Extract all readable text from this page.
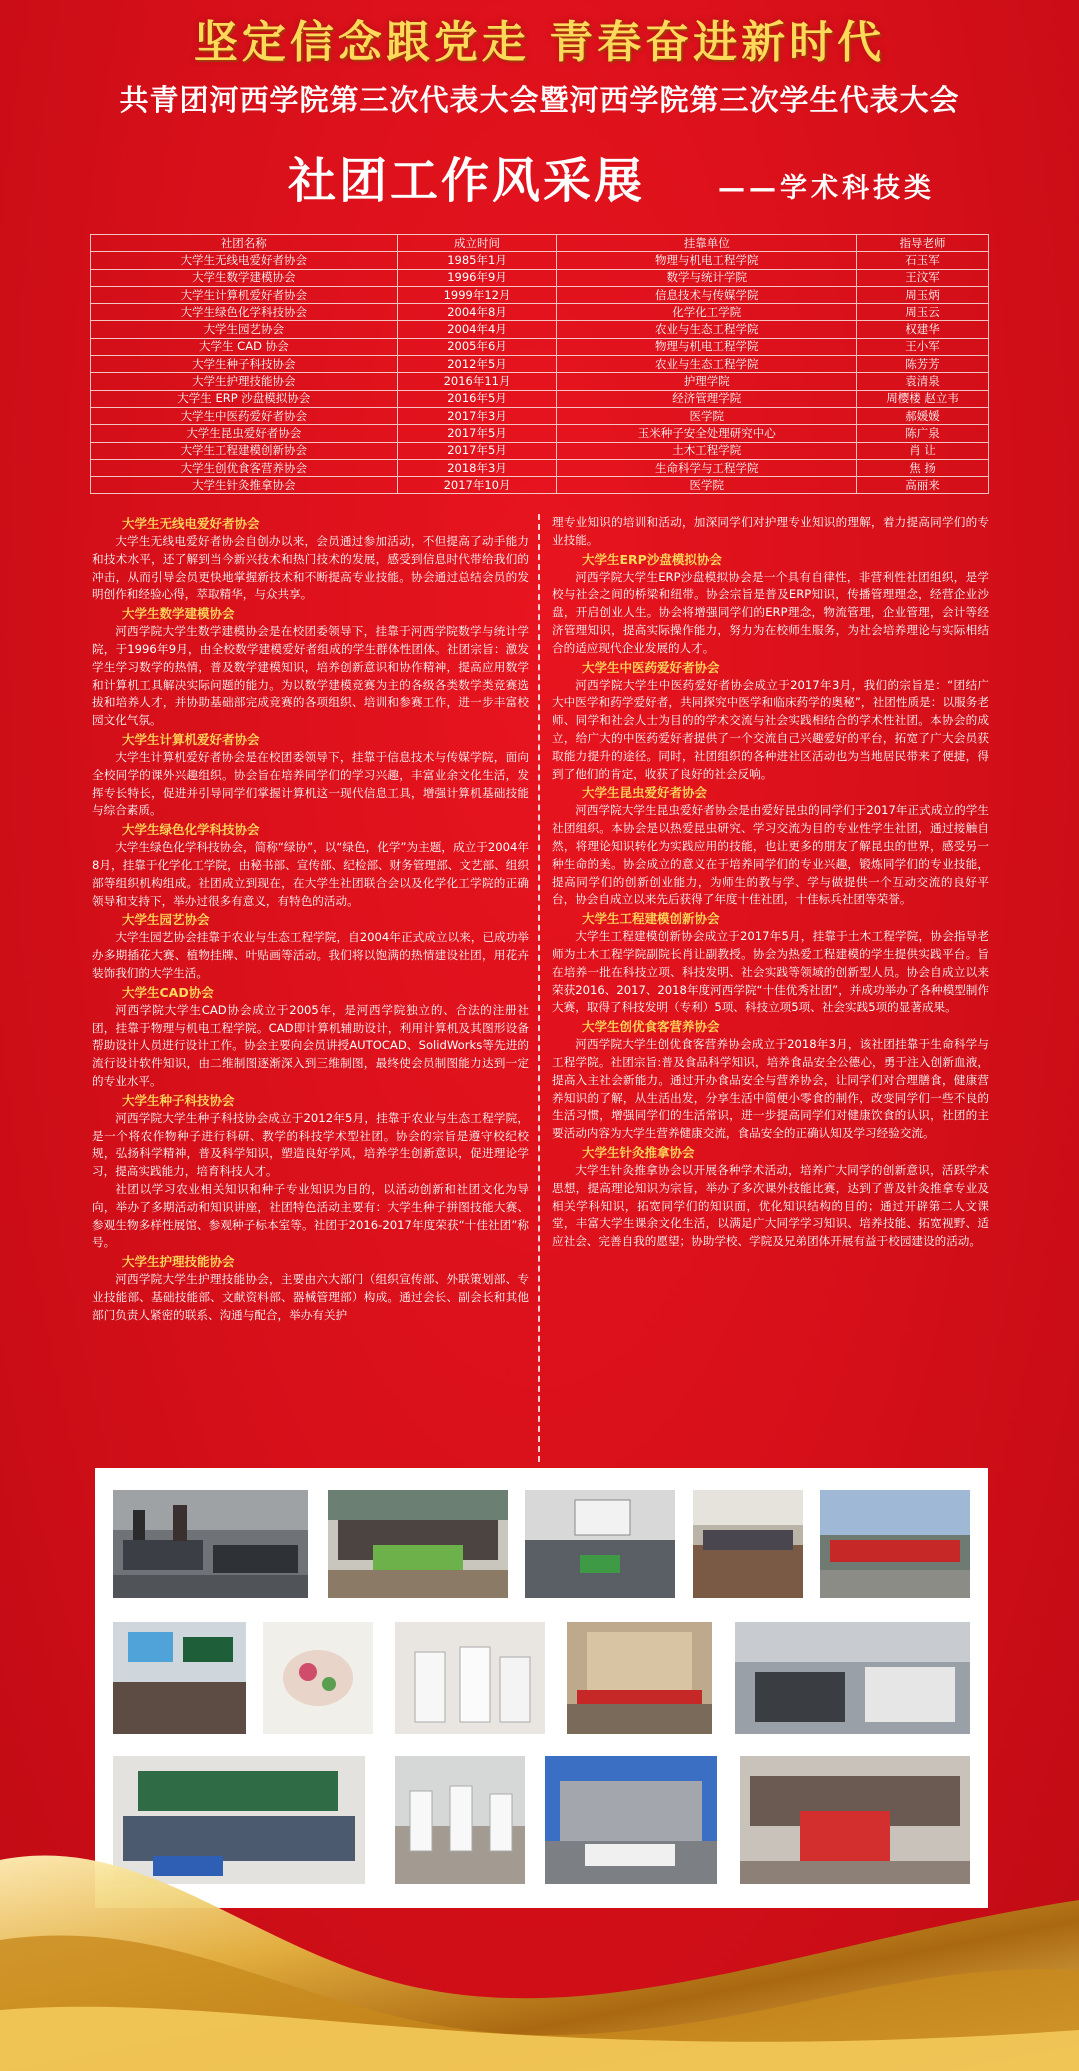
坚定信念跟党走 青春奋进新时代
共青团河西学院第三次代表大会暨河西学院第三次学生代表大会
社团工作风采展	——学术科技类
社团名称	成立时间	挂靠单位	指导老师
大学生无线电爱好者协会	1985年1月	物理与机电工程学院	石玉军
大学生数学建模协会	1996年9月	数学与统计学院	王汶军
大学生计算机爱好者协会	1999年12月	信息技术与传媒学院	周玉炳
大学生绿色化学科技协会	2004年8月	化学化工学院	周玉云
大学生园艺协会	2004年4月	农业与生态工程学院	权建华
大学生 CAD 协会	2005年6月	物理与机电工程学院	王小军
大学生种子科技协会	2012年5月	农业与生态工程学院	陈芳芳
大学生护理技能协会	2016年11月	护理学院	袁清泉
大学生 ERP 沙盘模拟协会	2016年5月	经济管理学院	周樱楼 赵立韦
大学生中医药爱好者协会	2017年3月	医学院	郝媛媛
大学生昆虫爱好者协会	2017年5月	玉米种子安全处理研究中心	陈广泉
大学生工程建模创新协会	2017年5月	土木工程学院	肖 让
大学生创优食客营养协会	2018年3月	生命科学与工程学院	焦 扬
大学生针灸推拿协会	2017年10月	医学院	高丽来
大学生无线电爱好者协会
大学生无线电爱好者协会自创办以来，会员通过参加活动，不但提高了动手能力和技术水平，还了解到当今新兴技术和热门技术的发展，感受到信息时代带给我们的冲击，从而引导会员更快地掌握新技术和不断提高专业技能。协会通过总结会员的发明创作和经验心得，萃取精华，与众共享。
大学生数学建模协会
河西学院大学生数学建模协会是在校团委领导下，挂靠于河西学院数学与统计学院，于1996年9月，由全校数学建模爱好者组成的学生群体性团体。社团宗旨：激发学生学习数学的热情，普及数学建模知识，培养创新意识和协作精神，提高应用数学和计算机工具解决实际问题的能力。为以数学建模竞赛为主的各级各类数学类竞赛选拔和培养人才，并协助基础部完成竞赛的各项组织、培训和参赛工作，进一步丰富校园文化气氛。
大学生计算机爱好者协会
大学生计算机爱好者协会是在校团委领导下，挂靠于信息技术与传媒学院，面向全校同学的课外兴趣组织。协会旨在培养同学们的学习兴趣，丰富业余文化生活，发挥专长特长，促进并引导同学们掌握计算机这一现代信息工具，增强计算机基础技能与综合素质。
大学生绿色化学科技协会
大学生绿色化学科技协会，简称“绿协”，以“绿色，化学”为主题，成立于2004年8月，挂靠于化学化工学院，由秘书部、宣传部、纪检部、财务管理部、文艺部、组织部等组织机构组成。社团成立到现在，在大学生社团联合会以及化学化工学院的正确领导和支持下，举办过很多有意义，有特色的活动。
大学生园艺协会
大学生园艺协会挂靠于农业与生态工程学院，自2004年正式成立以来，已成功举办多期插花大赛、植物挂牌、叶贴画等活动。我们将以饱满的热情建设社团，用花卉装饰我们的大学生活。
大学生CAD协会
河西学院大学生CAD协会成立于2005年，是河西学院独立的、合法的注册社团，挂靠于物理与机电工程学院。CAD即计算机辅助设计，利用计算机及其图形设备帮助设计人员进行设计工作。协会主要向会员讲授AUTOCAD、SolidWorks等先进的流行设计软件知识，由二维制图逐渐深入到三维制图，最终使会员制图能力达到一定的专业水平。
大学生种子科技协会
河西学院大学生种子科技协会成立于2012年5月，挂靠于农业与生态工程学院，是一个将农作物种子进行科研、教学的科技学术型社团。协会的宗旨是遵守校纪校规，弘扬科学精神，普及科学知识，塑造良好学风，培养学生创新意识，促进理论学习，提高实践能力，培育科技人才。
社团以学习农业相关知识和种子专业知识为目的，以活动创新和社团文化为导向，举办了多期活动和知识讲座，社团特色活动主要有：大学生种子拼图技能大赛、参观生物多样性展馆、参观种子标本室等。社团于2016-2017年度荣获“十佳社团”称号。
大学生护理技能协会
河西学院大学生护理技能协会，主要由六大部门（组织宣传部、外联策划部、专业技能部、基础技能部、文献资料部、器械管理部）构成。通过会长、副会长和其他部门负责人紧密的联系、沟通与配合，举办有关护
理专业知识的培训和活动，加深同学们对护理专业知识的理解，着力提高同学们的专业技能。
大学生ERP沙盘模拟协会
河西学院大学生ERP沙盘模拟协会是一个具有自律性，非营利性社团组织，是学校与社会之间的桥梁和纽带。协会宗旨是普及ERP知识，传播管理理念，经营企业沙盘，开启创业人生。协会将增强同学们的ERP理念，物流管理，企业管理，会计等经济管理知识，提高实际操作能力，努力为在校师生服务，为社会培养理论与实际相结合的适应现代企业发展的人才。
大学生中医药爱好者协会
河西学院大学生中医药爱好者协会成立于2017年3月，我们的宗旨是：“团结广大中医学和药学爱好者，共同探究中医学和临床药学的奥秘”，社团性质是：以服务老师、同学和社会人士为目的的学术交流与社会实践相结合的学术性社团。本协会的成立，给广大的中医药爱好者提供了一个交流自己兴趣爱好的平台，拓宽了广大会员获取能力提升的途径。同时，社团组织的各种进社区活动也为当地居民带来了便捷，得到了他们的肯定，收获了良好的社会反响。
大学生昆虫爱好者协会
河西学院大学生昆虫爱好者协会是由爱好昆虫的同学们于2017年正式成立的学生社团组织。本协会是以热爱昆虫研究、学习交流为目的专业性学生社团，通过接触自然，将理论知识转化为实践应用的技能，也让更多的朋友了解昆虫的世界，感受另一种生命的美。协会成立的意义在于培养同学们的专业兴趣，锻炼同学们的专业技能，提高同学们的创新创业能力，为师生的教与学、学与做提供一个互动交流的良好平台，协会自成立以来先后获得了年度十佳社团，十佳标兵社团等荣誉。
大学生工程建模创新协会
大学生工程建模创新协会成立于2017年5月，挂靠于土木工程学院，协会指导老师为土木工程学院副院长肖让副教授。协会为热爱工程建模的学生提供实践平台。旨在培养一批在科技立项、科技发明、社会实践等领域的创新型人员。协会自成立以来荣获2016、2017、2018年度河西学院“十佳优秀社团”，并成功举办了各种模型制作大赛，取得了科技发明（专利）5项、科技立项5项、社会实践5项的显著成果。
大学生创优食客营养协会
河西学院大学生创优食客营养协会成立于2018年3月，该社团挂靠于生命科学与工程学院。社团宗旨:普及食品科学知识，培养食品安全公德心，勇于注入创新血液，提高入主社会新能力。通过开办食品安全与营养协会，让同学们对合理膳食，健康营养知识的了解，从生活出发，分享生活中简便小零食的制作，改变同学们一些不良的生活习惯，增强同学们的生活常识，进一步提高同学们对健康饮食的认识，社团的主要活动内容为大学生营养健康交流，食品安全的正确认知及学习经验交流。
大学生针灸推拿协会
大学生针灸推拿协会以开展各种学术活动，培养广大同学的创新意识，活跃学术思想，提高理论知识为宗旨，举办了多次课外技能比赛，达到了普及针灸推拿专业及相关学科知识，拓宽同学们的知识面，优化知识结构的目的；通过开辟第二人文课堂，丰富大学生课余文化生活，以满足广大同学学习知识、培养技能、拓宽视野、适应社会、完善自我的愿望；协助学校、学院及兄弟团体开展有益于校园建设的活动。
